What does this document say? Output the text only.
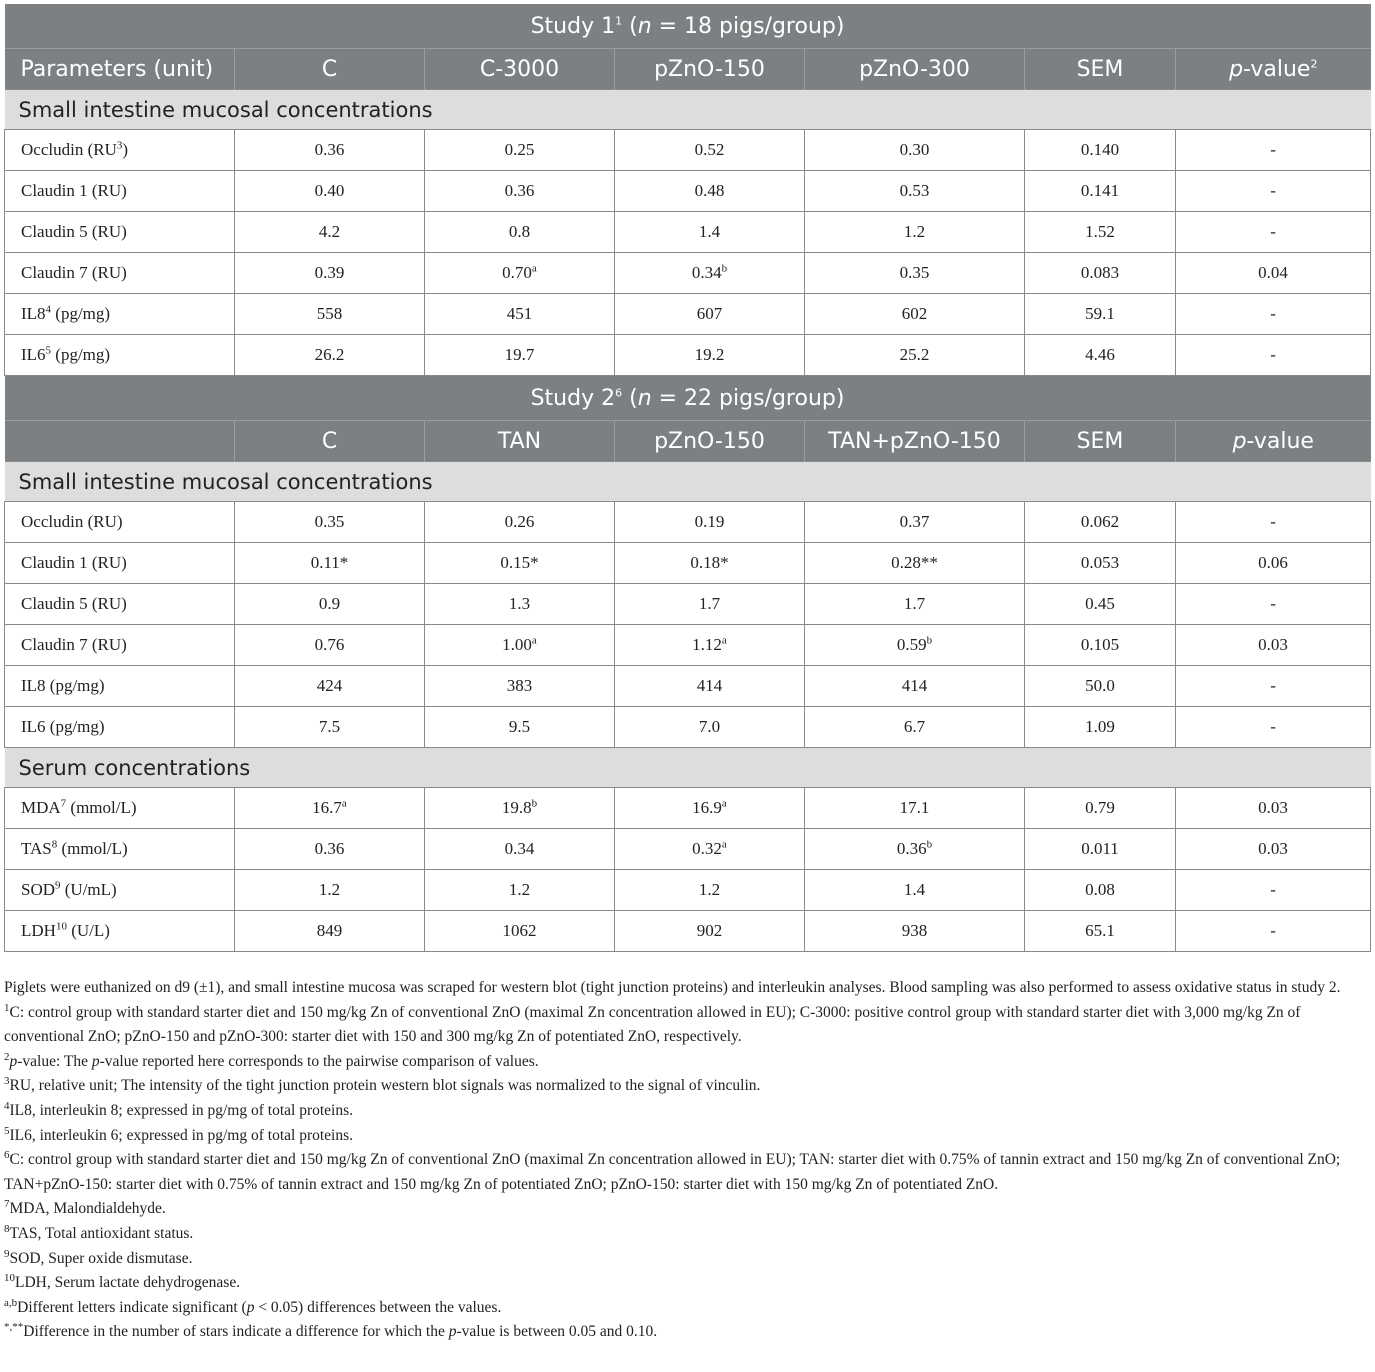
Study $1^1$ (n = 18 pigs/group)						
Parameters (unit)	C	C-3000	pZnO-150	pZnO-300	SEM	p-value$^2$
Small intestine mucosal concentrations						
Occludin $(RU^3)$	0.36	0.25	0.52	0.30	0.140	-
Claudin 1 (RU)	0.40	0.36	0.48	0.53	0.141	-
Claudin 5 (RU)	4.2	0.8	1.4	1.2	1.52	-
Claudin 7 (RU)	0.39	0.70$^a$	0.34$^b$	0.35	0.083	0.04
$IL8^4$ (pg/mg)	558	451	607	602	59.1	-
$IL6^5$ (pg/mg)	26.2	19.7	19.2	25.2	4.46	-
Study $2^6$ (n = 22 pigs/group)						
	C	TAN	pZnO-150	TAN+pZnO-150	SEM	p-value
Small intestine mucosal concentrations						
Occludin (RU)	0.35	0.26	0.19	0.37	0.062	-
Claudin 1 (RU)	0.11*	0.15*	0.18*	0.28**	0.053	0.06
Claudin 5 (RU)	0.9	1.3	1.7	1.7	0.45	-
Claudin 7 (RU)	0.76	1.00$^a$	1.12$^a$	0.59$^b$	0.105	0.03
IL8 (pg/mg)	424	383	414	414	50.0	-
IL6 (pg/mg)	7.5	9.5	7.0	6.7	1.09	-
Serum concentrations						
MDA$^7$ (mmol/L)	16.7$^a$	19.8$^b$	16.9$^a$	17.1	0.79	0.03
TAS$^8$ (mmol/L)	0.36	0.34	0.32$^a$	0.36$^b$	0.011	0.03
SOD$^9$ (U/mL)	1.2	1.2	1.2	1.4	0.08	-
LDH$^{10}$ (U/L)	849	1062	902	938	65.1	-

Piglets were euthanized on d9 (±1), and small intestine mucosa was scraped for western blot (tight junction proteins) and interleukin analyses. Blood sampling was also performed to assess oxidative status in study 2.

$^1$C: control group with standard starter diet and 150 mg/kg Zn of conventional ZnO (maximal Zn concentration allowed in EU); C-3000: positive control group with standard starter diet with 3,000 mg/kg Zn of conventional ZnO; pZnO-150 and pZnO-300: starter diet with 150 and 300 mg/kg Zn of potentiated ZnO, respectively.

$^2$p-value: The p-value reported here corresponds to the pairwise comparison of values.

$^3$RU, relative unit; The intensity of the tight junction protein western blot signals was normalized to the signal of vinculin.

$^4$IL8, interleukin 8; expressed in pg/mg of total proteins.

$^5$IL6, interleukin 6; expressed in pg/mg of total proteins.

$^6$C: control group with standard starter diet and 150 mg/kg Zn of conventional ZnO (maximal Zn concentration allowed in EU); TAN: starter diet with 0.75% of tannin extract and 150 mg/kg Zn of conventional ZnO; TAN+pZnO-150: starter diet with 0.75% of tannin extract and 150 mg/kg Zn of potentiated ZnO; pZnO-150: starter diet with 150 mg/kg Zn of potentiated ZnO.

$^7$MDA, Malondialdehyde.

$^8$TAS, Total antioxidant status.

$^9$SOD, Super oxide dismutase.

$^{10}$LDH, Serum lactate dehydrogenase.

$^{a,b}$Different letters indicate significant (p < 0.05) differences between the values.

*,**Difference in the number of stars indicate a difference for which the p-value is between 0.05 and 0.10.
